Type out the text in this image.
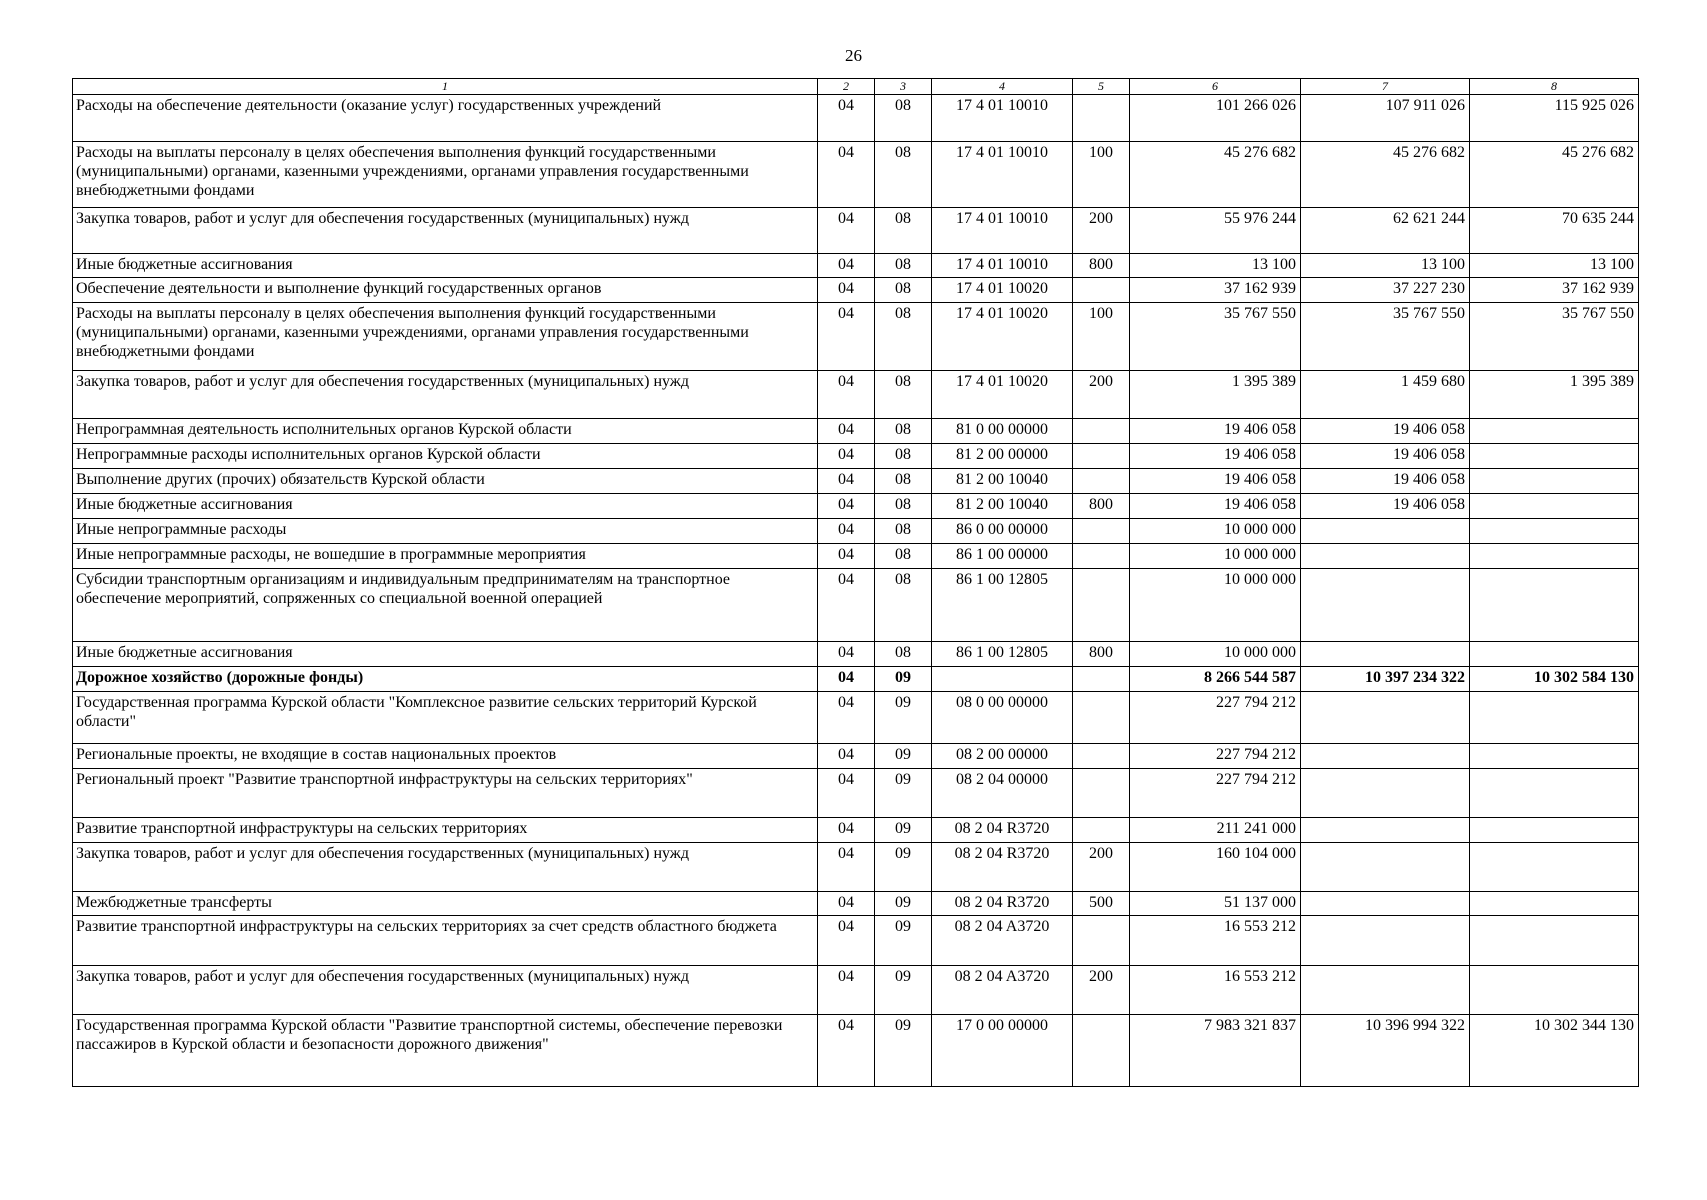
26
1	2	3	4	5	6	7	8
Расходы на обеспечение деятельности (оказание услуг) государственных учреждений	04	08	17 4 01 10010		101 266 026	107 911 026	115 925 026
Расходы на выплаты персоналу в целях обеспечения выполнения функций государственными (муниципальными) органами, казенными учреждениями, органами управления государственными внебюджетными фондами	04	08	17 4 01 10010	100	45 276 682	45 276 682	45 276 682
Закупка товаров, работ и услуг для обеспечения государственных (муниципальных) нужд	04	08	17 4 01 10010	200	55 976 244	62 621 244	70 635 244
Иные бюджетные ассигнования	04	08	17 4 01 10010	800	13 100	13 100	13 100
Обеспечение деятельности и выполнение функций государственных органов	04	08	17 4 01 10020		37 162 939	37 227 230	37 162 939
Расходы на выплаты персоналу в целях обеспечения выполнения функций государственными (муниципальными) органами, казенными учреждениями, органами управления государственными внебюджетными фондами	04	08	17 4 01 10020	100	35 767 550	35 767 550	35 767 550
Закупка товаров, работ и услуг для обеспечения государственных (муниципальных) нужд	04	08	17 4 01 10020	200	1 395 389	1 459 680	1 395 389
Непрограммная деятельность исполнительных органов Курской области	04	08	81 0 00 00000		19 406 058	19 406 058	
Непрограммные расходы исполнительных органов Курской области	04	08	81 2 00 00000		19 406 058	19 406 058	
Выполнение других (прочих) обязательств Курской области	04	08	81 2 00 10040		19 406 058	19 406 058	
Иные бюджетные ассигнования	04	08	81 2 00 10040	800	19 406 058	19 406 058	
Иные непрограммные расходы	04	08	86 0 00 00000		10 000 000		
Иные непрограммные расходы, не вошедшие в программные мероприятия	04	08	86 1 00 00000		10 000 000		
Субсидии транспортным организациям и индивидуальным предпринимателям на транспортное обеспечение мероприятий, сопряженных со специальной военной операцией	04	08	86 1 00 12805		10 000 000		
Иные бюджетные ассигнования	04	08	86 1 00 12805	800	10 000 000		
Дорожное хозяйство (дорожные фонды)	04	09			8 266 544 587	10 397 234 322	10 302 584 130
Государственная программа Курской области "Комплексное развитие сельских территорий Курской области"	04	09	08 0 00 00000		227 794 212		
Региональные проекты, не входящие в состав национальных проектов	04	09	08 2 00 00000		227 794 212		
Региональный проект "Развитие транспортной инфраструктуры на сельских территориях"	04	09	08 2 04 00000		227 794 212		
Развитие транспортной инфраструктуры на сельских территориях	04	09	08 2 04 R3720		211 241 000		
Закупка товаров, работ и услуг для обеспечения государственных (муниципальных) нужд	04	09	08 2 04 R3720	200	160 104 000		
Межбюджетные трансферты	04	09	08 2 04 R3720	500	51 137 000		
Развитие транспортной инфраструктуры на сельских территориях за счет средств областного бюджета	04	09	08 2 04 A3720		16 553 212		
Закупка товаров, работ и услуг для обеспечения государственных (муниципальных) нужд	04	09	08 2 04 A3720	200	16 553 212		
Государственная программа Курской области "Развитие транспортной системы, обеспечение перевозки пассажиров в Курской области и безопасности дорожного движения"	04	09	17 0 00 00000		7 983 321 837	10 396 994 322	10 302 344 130
